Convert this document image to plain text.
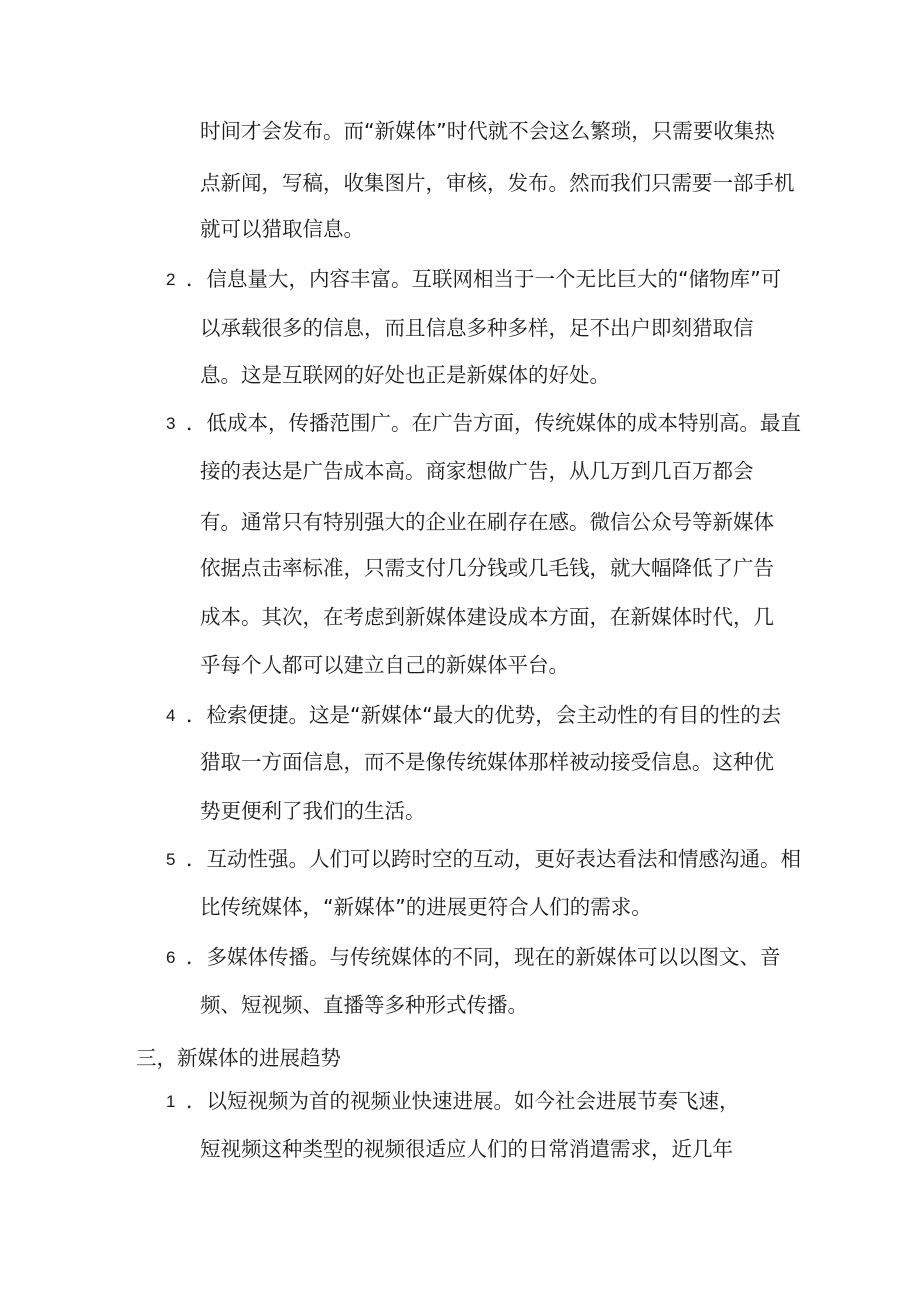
时间才会发布。而“新媒体”时代就不会这么繁琐，只需要收集热

点新闻，写稿，收集图片，审核，发布。然而我们只需要一部手机

就可以猎取信息。

2 ．信息量大，内容丰富。互联网相当于一个无比巨大的“储物库”可

以承载很多的信息，而且信息多种多样，足不出户即刻猎取信

息。这是互联网的好处也正是新媒体的好处。

3 ．低成本，传播范围广。在广告方面，传统媒体的成本特别高。最直

接的表达是广告成本高。商家想做广告，从几万到几百万都会

有。通常只有特别强大的企业在刷存在感。微信公众号等新媒体

依据点击率标准，只需支付几分钱或几毛钱，就大幅降低了广告

成本。其次，在考虑到新媒体建设成本方面，在新媒体时代，几

乎每个人都可以建立自己的新媒体平台。

4 ．检索便捷。这是“新媒体“最大的优势，会主动性的有目的性的去

猎取一方面信息，而不是像传统媒体那样被动接受信息。这种优

势更便利了我们的生活。

5 ．互动性强。人们可以跨时空的互动，更好表达看法和情感沟通。相

比传统媒体，“新媒体”的进展更符合人们的需求。

6 ．多媒体传播。与传统媒体的不同，现在的新媒体可以以图文、音

频、短视频、直播等多种形式传播。

三，新媒体的进展趋势

1 ．以短视频为首的视频业快速进展。如今社会进展节奏飞速，

短视频这种类型的视频很适应人们的日常消遣需求，近几年
